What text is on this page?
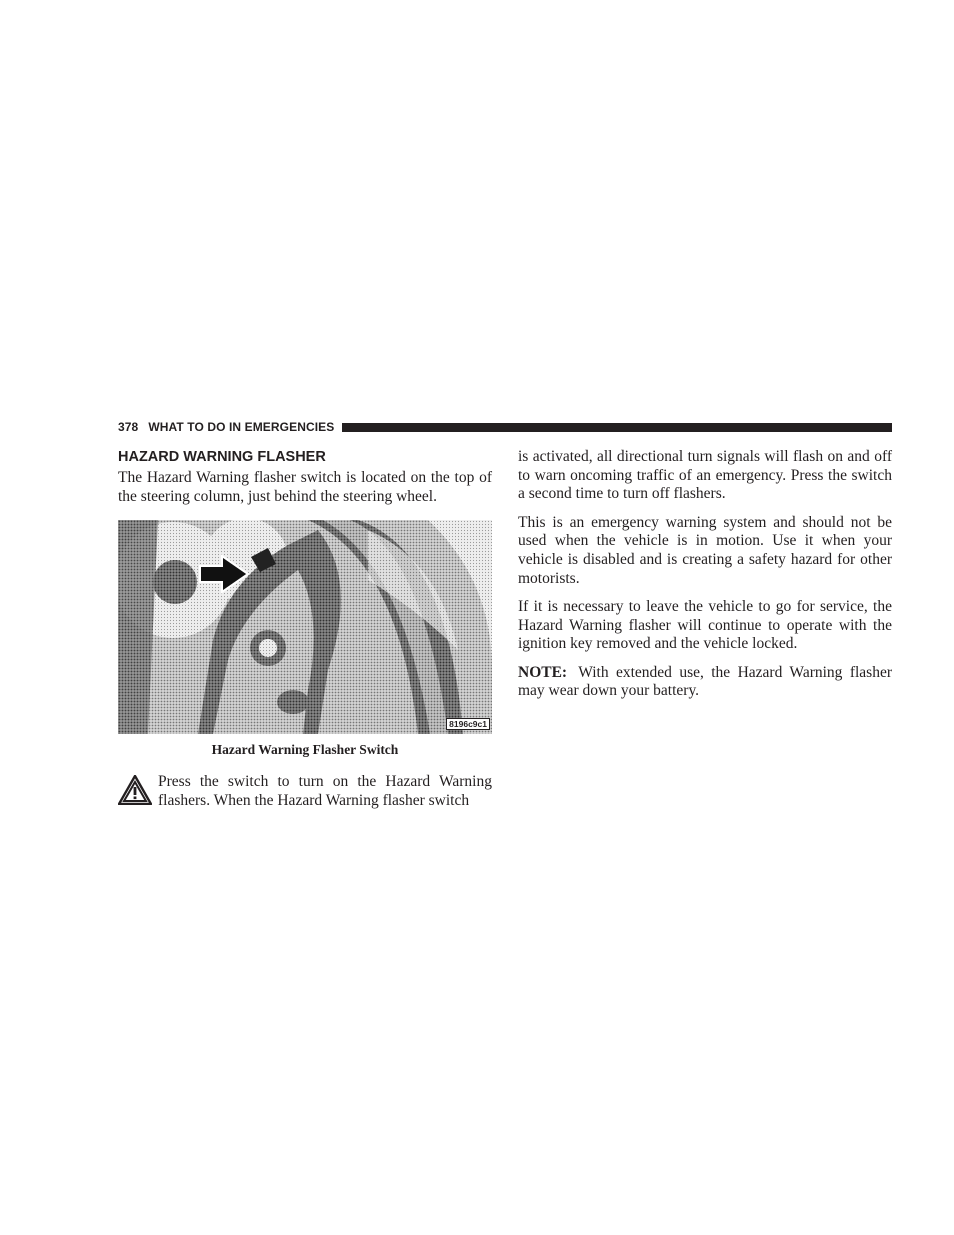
378 WHAT TO DO IN EMERGENCIES
HAZARD WARNING FLASHER

The Hazard Warning flasher switch is located on the top of the steering column, just behind the steering wheel.

8196c9c1
Hazard Warning Flasher Switch

Press the switch to turn on the Hazard Warning flashers. When the Hazard Warning flasher switch

is activated, all directional turn signals will flash on and off to warn oncoming traffic of an emergency. Press the switch a second time to turn off flashers.

This is an emergency warning system and should not be used when the vehicle is in motion. Use it when your vehicle is disabled and is creating a safety hazard for other motorists.

If it is necessary to leave the vehicle to go for service, the Hazard Warning flasher will continue to operate with the ignition key removed and the vehicle locked.

NOTE: With extended use, the Hazard Warning flasher may wear down your battery.
